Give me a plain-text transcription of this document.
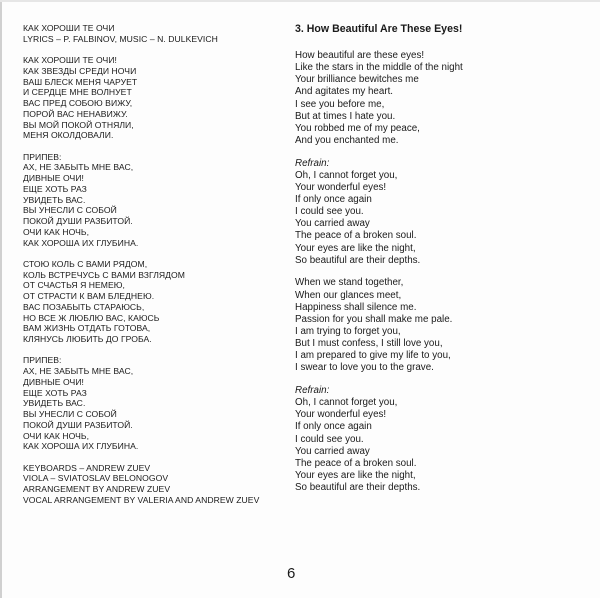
КАК ХОРОШИ ТЕ ОЧИ
LYRICS – P. FALBINOV, MUSIC – N. DULKEVICH
КАК ХОРОШИ ТЕ ОЧИ!
КАК ЗВЕЗДЫ СРЕДИ НОЧИ
ВАШ БЛЕСК МЕНЯ ЧАРУЕТ
И СЕРДЦЕ МНЕ ВОЛНУЕТ
ВАС ПРЕД СОБОЮ ВИЖУ,
ПОРОЙ ВАС НЕНАВИЖУ.
ВЫ МОЙ ПОКОЙ ОТНЯЛИ,
МЕНЯ ОКОЛДОВАЛИ.
ПРИПЕВ:
АХ, НЕ ЗАБЫТЬ МНЕ ВАС,
ДИВНЫЕ ОЧИ!
ЕЩЕ ХОТЬ РАЗ
УВИДЕТЬ ВАС.
ВЫ УНЕСЛИ С СОБОЙ
ПОКОЙ ДУШИ РАЗБИТОЙ.
ОЧИ КАК НОЧЬ,
КАК ХОРОША ИХ ГЛУБИНА.
СТОЮ КОЛЬ С ВАМИ РЯДОМ,
КОЛЬ ВСТРЕЧУСЬ С ВАМИ ВЗГЛЯДОМ
ОТ СЧАСТЬЯ Я НЕМЕЮ,
ОТ СТРАСТИ К ВАМ БЛЕДНЕЮ.
ВАС ПОЗАБЫТЬ СТАРАЮСЬ,
НО ВСЕ Ж ЛЮБЛЮ ВАС, КАЮСЬ
ВАМ ЖИЗНЬ ОТДАТЬ ГОТОВА,
КЛЯНУСЬ ЛЮБИТЬ ДО ГРОБА.
ПРИПЕВ:
АХ, НЕ ЗАБЫТЬ МНЕ ВАС,
ДИВНЫЕ ОЧИ!
ЕЩЕ ХОТЬ РАЗ
УВИДЕТЬ ВАС.
ВЫ УНЕСЛИ С СОБОЙ
ПОКОЙ ДУШИ РАЗБИТОЙ.
ОЧИ КАК НОЧЬ,
КАК ХОРОША ИХ ГЛУБИНА.
KEYBOARDS – ANDREW ZUEV
VIOLA – SVIATOSLAV BELONOGOV
ARRANGEMENT BY ANDREW ZUEV
VOCAL ARRANGEMENT BY VALERIA AND ANDREW ZUEV
3. How Beautiful Are These Eyes!
How beautiful are these eyes!
Like the stars in the middle of the night
Your brilliance bewitches me
And agitates my heart.
I see you before me,
But at times I hate you.
You robbed me of my peace,
And you enchanted me.
Refrain:
Oh, I cannot forget you,
Your wonderful eyes!
If only once again
I could see you.
You carried away
The peace of a broken soul.
Your eyes are like the night,
So beautiful are their depths.
When we stand together,
When our glances meet,
Happiness shall silence me.
Passion for you shall make me pale.
I am trying to forget you,
But I must confess, I still love you,
I am prepared to give my life to you,
I swear to love you to the grave.
Refrain:
Oh, I cannot forget you,
Your wonderful eyes!
If only once again
I could see you.
You carried away
The peace of a broken soul.
Your eyes are like the night,
So beautiful are their depths.
6
